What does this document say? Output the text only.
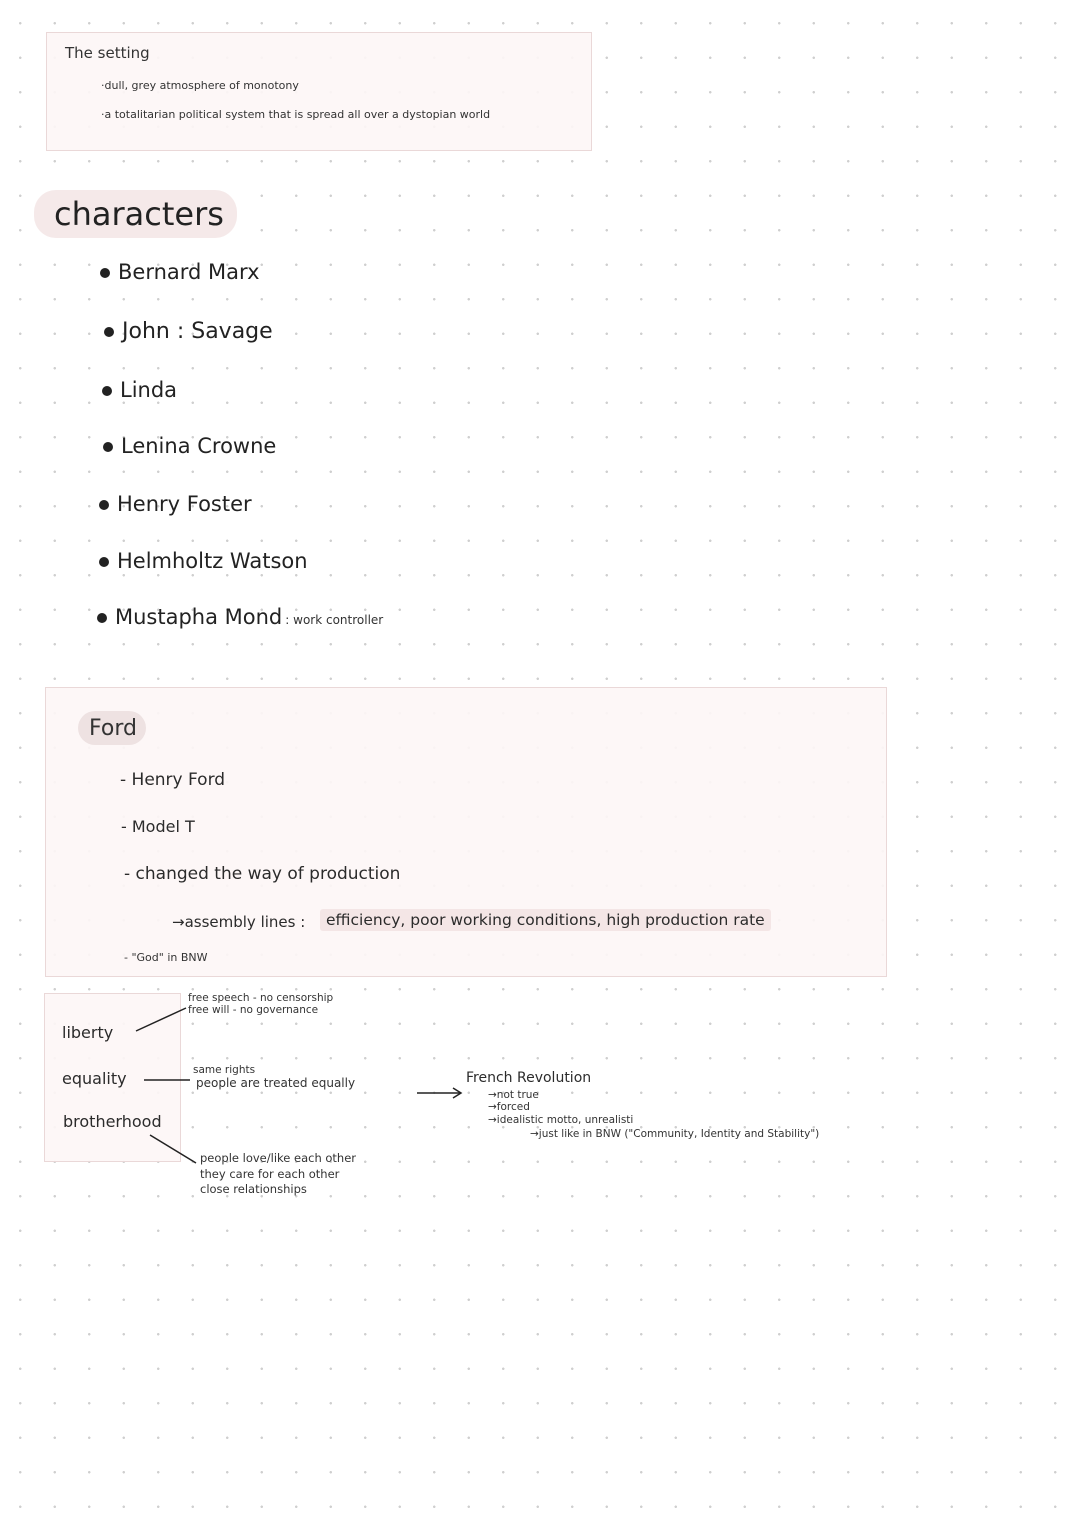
The setting
·dull, grey atmosphere of monotony
·a totalitarian political system that is spread all over a dystopian world
characters
Bernard Marx
John : Savage
Linda
Lenina Crowne
Henry Foster
Helmholtz Watson
Mustapha Mond : work controller
Ford
- Henry Ford
- Model T
- changed the way of production
→assembly lines :	efficiency, poor working conditions, high production rate
- "God" in BNW
liberty
equality
brotherhood
free speech - no censorship
free will - no governance
same rights
people are treated equally
people love/like each other
they care for each other
close relationships
French Revolution
→not true
→forced
→idealistic motto, unrealisti
→just like in BNW ("Community, Identity and Stability")
